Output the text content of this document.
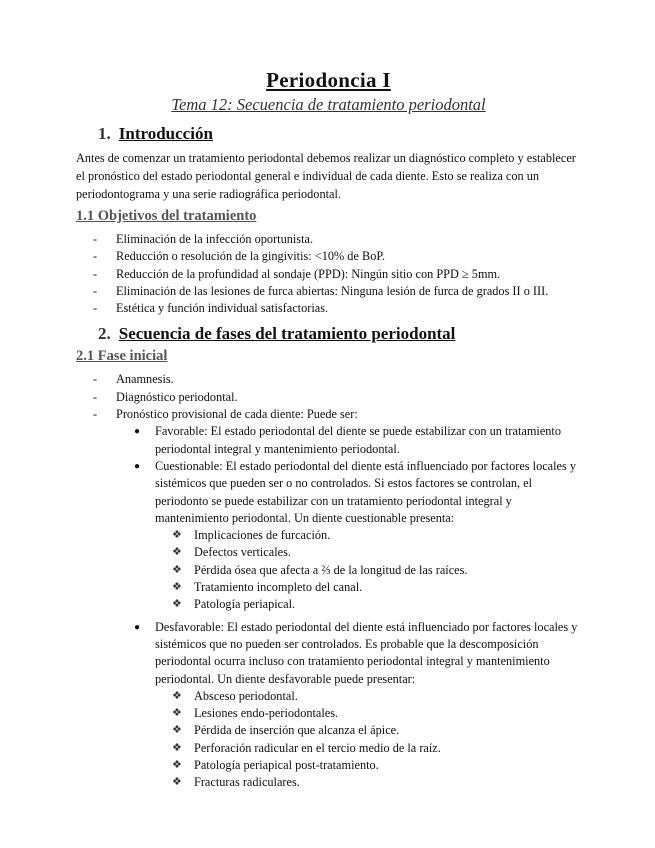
Periodoncia I
Tema 12: Secuencia de tratamiento periodontal
1. Introducción

Antes de comenzar un tratamiento periodontal debemos realizar un diagnóstico completo y establecer el pronóstico del estado periodontal general e individual de cada diente. Esto se realiza con un periodontograma y una serie radiográfica periodontal.

1.1 Objetivos del tratamiento
- Eliminación de la infección oportunista.
- Reducción o resolución de la gingivitis: <10% de BoP.
- Reducción de la profundidad al sondaje (PPD): Ningún sitio con PPD ≥ 5mm.
- Eliminación de las lesiones de furca abiertas: Ninguna lesión de furca de grados II o III.
- Estética y función individual satisfactorias.
2. Secuencia de fases del tratamiento periodontal
2.1 Fase inicial
- Anamnesis.
- Diagnóstico periodontal.
- Pronóstico provisional de cada diente: Puede ser:
● Favorable: El estado periodontal del diente se puede estabilizar con un tratamiento periodontal integral y mantenimiento periodontal.
● Cuestionable: El estado periodontal del diente está influenciado por factores locales y sistémicos que pueden ser o no controlados. Si estos factores se controlan, el periodonto se puede estabilizar con un tratamiento periodontal integral y mantenimiento periodontal. Un diente cuestionable presenta:
❖ Implicaciones de furcación.
❖ Defectos verticales.
❖ Pérdida ósea que afecta a ⅔ de la longitud de las raíces.
❖ Tratamiento incompleto del canal.
❖ Patología periapical.
● Desfavorable: El estado periodontal del diente está influenciado por factores locales y sistémicos que no pueden ser controlados. Es probable que la descomposición periodontal ocurra incluso con tratamiento periodontal integral y mantenimiento periodontal. Un diente desfavorable puede presentar:
❖ Absceso periodontal.
❖ Lesiones endo-periodontales.
❖ Pérdida de inserción que alcanza el ápice.
❖ Perforación radicular en el tercio medio de la raíz.
❖ Patología periapical post-tratamiento.
❖ Fracturas radiculares.
